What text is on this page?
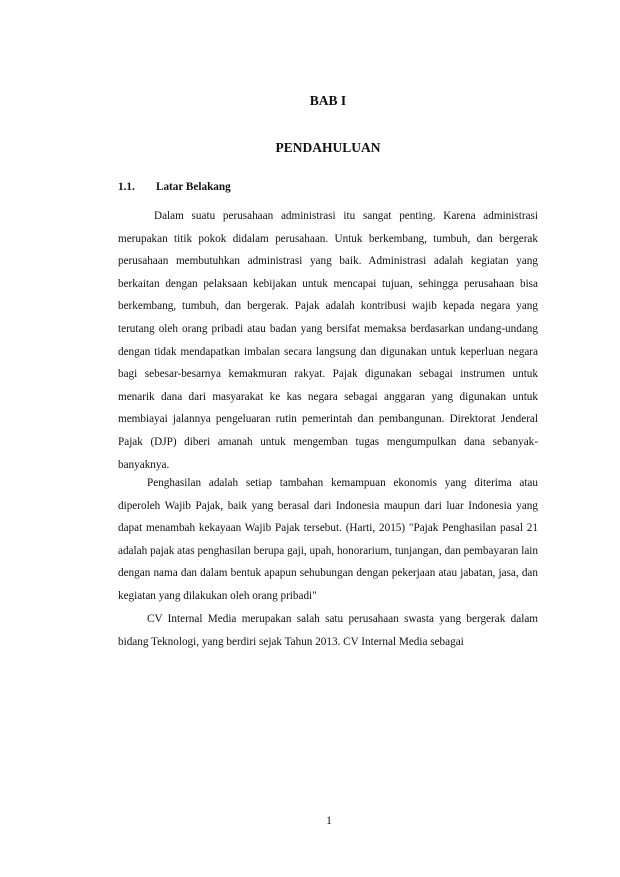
BAB I
PENDAHULUAN
1.1. Latar Belakang

Dalam suatu perusahaan administrasi itu sangat penting. Karena administrasi merupakan titik pokok didalam perusahaan. Untuk berkembang, tumbuh, dan bergerak perusahaan membutuhkan administrasi yang baik. Administrasi adalah kegiatan yang berkaitan dengan pelaksaan kebijakan untuk mencapai tujuan, sehingga perusahaan bisa berkembang, tumbuh, dan bergerak. Pajak adalah kontribusi wajib kepada negara yang terutang oleh orang pribadi atau badan yang bersifat memaksa berdasarkan undang-undang dengan tidak mendapatkan imbalan secara langsung dan digunakan untuk keperluan negara bagi sebesar-besarnya kemakmuran rakyat. Pajak digunakan sebagai instrumen untuk menarik dana dari masyarakat ke kas negara sebagai anggaran yang digunakan untuk membiayai jalannya pengeluaran rutin pemerintah dan pembangunan. Direktorat Jenderal Pajak (DJP) diberi amanah untuk mengemban tugas mengumpulkan dana sebanyak-banyaknya.

Penghasilan adalah setiap tambahan kemampuan ekonomis yang diterima atau diperoleh Wajib Pajak, baik yang berasal dari Indonesia maupun dari luar Indonesia yang dapat menambah kekayaan Wajib Pajak tersebut. (Harti, 2015) "Pajak Penghasilan pasal 21 adalah pajak atas penghasilan berupa gaji, upah, honorarium, tunjangan, dan pembayaran lain dengan nama dan dalam bentuk apapun sehubungan dengan pekerjaan atau jabatan, jasa, dan kegiatan yang dilakukan oleh orang pribadi"

CV Internal Media merupakan salah satu perusahaan swasta yang bergerak dalam bidang Teknologi, yang berdiri sejak Tahun 2013. CV Internal Media sebagai

1
